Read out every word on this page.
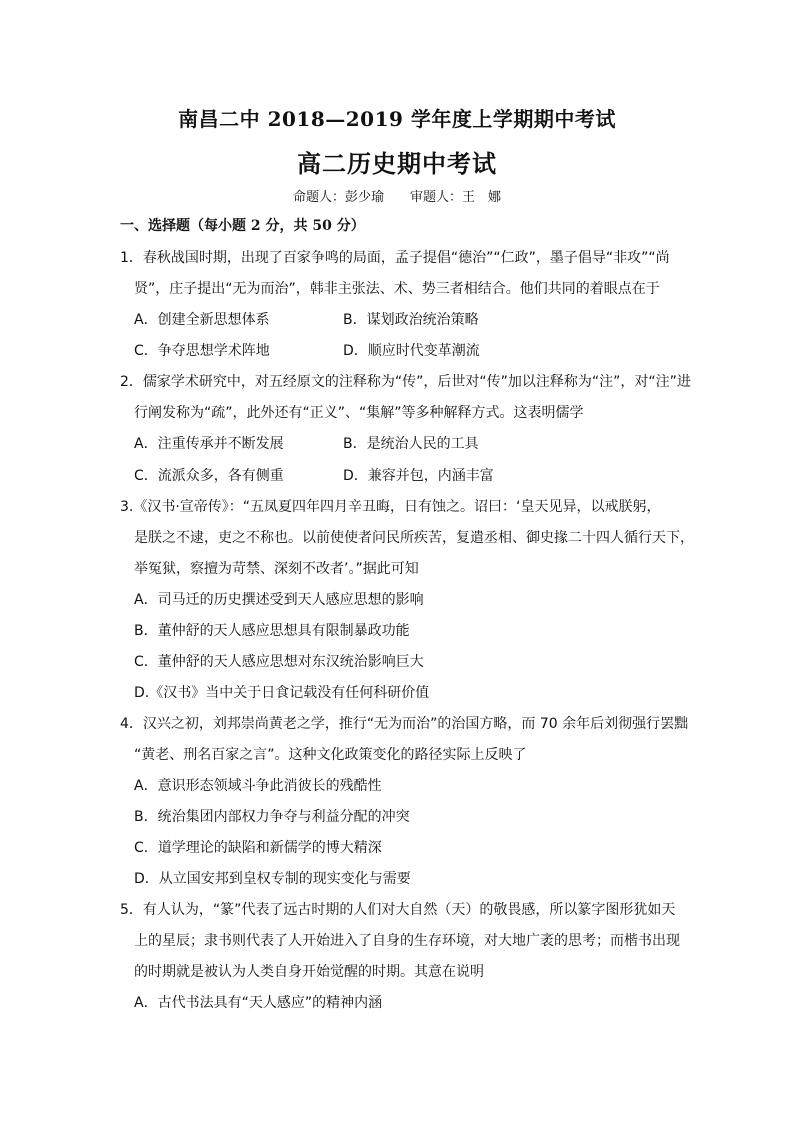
南昌二中 2018—2019 学年度上学期期中考试
高二历史期中考试
命题人：彭少瑜 审题人：王　娜
一、选择题（每小题 2 分，共 50 分）
1．春秋战国时期，出现了百家争鸣的局面，孟子提倡“德治”“仁政”，墨子倡导“非攻”“尚
贤”，庄子提出“无为而治”，韩非主张法、术、势三者相结合。他们共同的着眼点在于
A．创建全新思想体系	B．谋划政治统治策略
C．争夺思想学术阵地	D．顺应时代变革潮流
2．儒家学术研究中，对五经原文的注释称为“传”，后世对“传”加以注释称为“注”，对“注”进
行阐发称为“疏”，此外还有“正义”、“集解”等多种解释方式。这表明儒学
A．注重传承并不断发展	B．是统治人民的工具
C．流派众多，各有侧重	D．兼容并包，内涵丰富
3.《汉书·宣帝传》：“五凤夏四年四月辛丑晦，日有蚀之。诏曰：‘皇天见异，以戒朕躬，
是朕之不逮，吏之不称也。以前使使者问民所疾苦，复遣丞相、御史掾二十四人循行天下，
举冤狱，察擅为苛禁、深刻不改者’。”据此可知
A．司马迁的历史撰述受到天人感应思想的影响
B．董仲舒的天人感应思想具有限制暴政功能
C．董仲舒的天人感应思想对东汉统治影响巨大
D.《汉书》当中关于日食记载没有任何科研价值
4．汉兴之初，刘邦崇尚黄老之学，推行“无为而治”的治国方略，而 70 余年后刘彻强行罢黜
“黄老、刑名百家之言”。这种文化政策变化的路径实际上反映了
A．意识形态领域斗争此消彼长的残酷性
B．统治集团内部权力争夺与利益分配的冲突
C．道学理论的缺陷和新儒学的博大精深
D．从立国安邦到皇权专制的现实变化与需要
5．有人认为，“篆”代表了远古时期的人们对大自然（天）的敬畏感，所以篆字图形犹如天
上的星辰；隶书则代表了人开始进入了自身的生存环境，对大地广袤的思考；而楷书出现
的时期就是被认为人类自身开始觉醒的时期。其意在说明
A．古代书法具有“天人感应”的精神内涵
